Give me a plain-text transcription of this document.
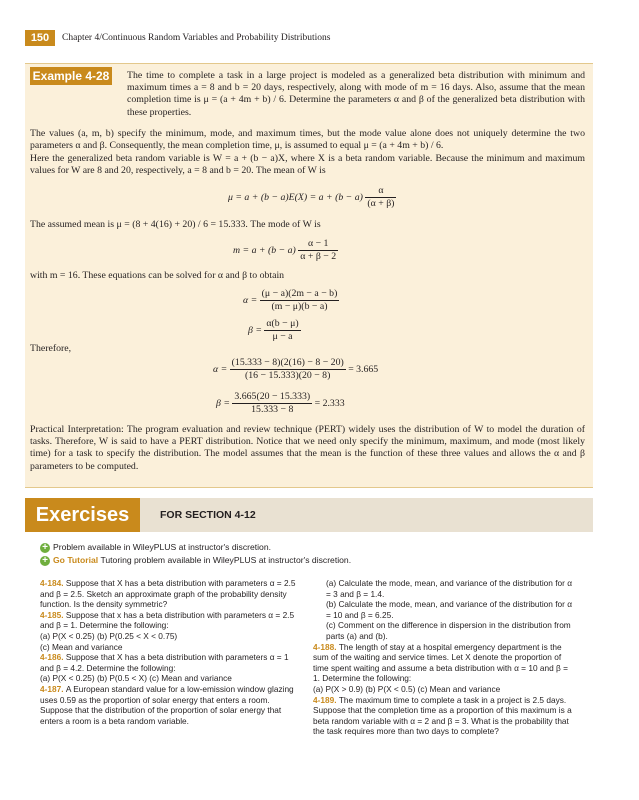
150	Chapter 4/Continuous Random Variables and Probability Distributions
Example 4-28 The time to complete a task in a large project is modeled as a generalized beta distribution with minimum and maximum times a = 8 and b = 20 days, respectively, along with mode of m = 16 days. Also, assume that the mean completion time is μ = (a + 4m + b) / 6. Determine the parameters α and β of the generalized beta distribution with these properties.
The values (a, m, b) specify the minimum, mode, and maximum times, but the mode value alone does not uniquely determine the two parameters α and β. Consequently, the mean completion time, μ, is assumed to equal μ = (a + 4m + b) / 6.
Here the generalized beta random variable is W = a + (b − a)X, where X is a beta random variable. Because the minimum and maximum values for W are 8 and 20, respectively, a = 8 and b = 20. The mean of W is
$\mu = a + (b - a)E(X) = a + (b - a) \frac{\alpha}{(\alpha + \beta)}$
The assumed mean is μ = (8 + 4(16) + 20) / 6 = 15.333. The mode of W is
$m = a + (b - a) \frac{\alpha - 1}{\alpha + \beta - 2}$
with m = 16. These equations can be solved for α and β to obtain
$\alpha = \frac{(\mu - a)(2m - a - b)}{(m - \mu)(b - a)}$
$\beta = \frac{\alpha(b - \mu)}{\mu - a}$
Therefore,
$\alpha = \frac{(15.333 - 8)(2(16) - 8 - 20)}{(16 - 15.333)(20 - 8)} = 3.665$
$\beta = \frac{3.665(20 - 15.333)}{15.333 - 8} = 2.333$
Practical Interpretation: The program evaluation and review technique (PERT) widely uses the distribution of W to model the duration of tasks. Therefore, W is said to have a PERT distribution. Notice that we need only specify the minimum, maximum, and mode (most likely time) for a task to specify the distribution. The model assumes that the mean is the function of these three values and allows the α and β parameters to be computed.
Exercises	FOR SECTION 4-12
+ Problem available in WileyPLUS at instructor's discretion.
+ Go Tutorial Tutoring problem available in WileyPLUS at instructor's discretion.

4-184. Suppose that X has a beta distribution with parameters α = 2.5 and β = 2.5. Sketch an approximate graph of the probability density function. Is the density symmetric?

4-185. Suppose that x has a beta distribution with parameters α = 2.5 and β = 1. Determine the following:

(a) P(X < 0.25) (b) P(0.25 < X < 0.75)

(c) Mean and variance

4-186. Suppose that X has a beta distribution with parameters α = 1 and β = 4.2. Determine the following:

(a) P(X < 0.25) (b) P(0.5 < X) (c) Mean and variance

4-187. A European standard value for a low-emission window glazing uses 0.59 as the proportion of solar energy that enters a room. Suppose that the distribution of the proportion of solar energy that enters a room is a beta random variable.

(a) Calculate the mode, mean, and variance of the distribution for α = 3 and β = 1.4.

(b) Calculate the mode, mean, and variance of the distribution for α = 10 and β = 6.25.

(c) Comment on the difference in dispersion in the distribution from parts (a) and (b).

4-188. The length of stay at a hospital emergency department is the sum of the waiting and service times. Let X denote the proportion of time spent waiting and assume a beta distribution with α = 10 and β = 1. Determine the following:

(a) P(X > 0.9) (b) P(X < 0.5) (c) Mean and variance

4-189. The maximum time to complete a task in a project is 2.5 days. Suppose that the completion time as a proportion of this maximum is a beta random variable with α = 2 and β = 3. What is the probability that the task requires more than two days to complete?
